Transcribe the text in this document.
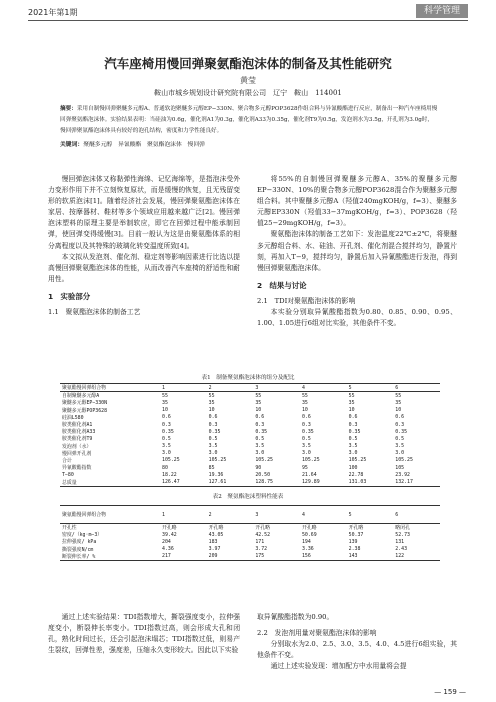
2021年第1期	科学管理
汽车座椅用慢回弹聚氨酯泡沫体的制备及其性能研究
黄莹
鞍山市城乡规划设计研究院有限公司　辽宁　鞍山　114001
摘要：采用自制慢回弹聚醚多元醇A、普通软泡聚醚多元醇EP−330N、聚合物多元醇POP3628作组合料与异氰酸酯进行反应，制备出一种汽车座椅用慢回弹聚氨酯泡沫体。实验结果表明：当硅油为0.6g，催化剂A1为0.3g，催化剂A33为0.35g，催化剂T9为0.5g，发泡剂水为3.5g，开孔剂为3.0g时，慢回弹聚氨酯泡沫体具有较好的泡孔结构，密度和力学性能良好。
关键词：聚醚多元醇　异氰酸酯　聚氨酯泡沫体　慢回弹

慢回弹泡沫体又称黏弹性海绵、记忆海绵等，是指泡沫受外力变形作用下并不立刻恢复原状，而是缓慢的恢复，且无残留变形的软质泡沫[1]。随着经济社会发展，慢回弹聚氨酯泡沫体在家居、按摩器材、鞋材等多个领域应用越来越广泛[2]。慢回弹泡沫塑料的原理主要是举制软应，即它在回弹过程中能承制回弹，使回弹变得缓慢[3]。目前一般认为这是由聚氨酯体系的相分离程度以及其特殊的玻璃化转变温度所致[4]。

本文拟从发泡剂、催化剂、稳定剂等影响因素进行比选以提高慢回弹聚氨酯泡沫体的性能，从而改善汽车座椅的舒适性和耐用性。

1　实验部分
1.1　聚氨酯泡沫体的制备工艺

将55%的自制慢回弹聚醚多元醇A、35%的聚醚多元醇EP−330N、10%的聚合物多元醇POP3628混合作为聚醚多元醇组合料。其中聚醚多元醇A（羟值240mgKOH/g，f=3）、聚醚多元醇EP330N（羟值33−37mgKOH/g，f=3）、POP3628（羟值25−29mgKOH/g，f=3）。

聚氨酯泡沫体的制备工艺如下：发泡温度22℃±2℃，将聚醚多元醇组合料、水、硅油、开孔剂、催化剂混合搅拌均匀，静置片刻，再加入T−9，搅拌均匀，静置后加入异氰酸酯进行发泡，得到慢回弹聚氨酯泡沫体。

2　结果与讨论
2.1　TDI对聚氨酯泡沫体的影响

本实验分别取异氰酸酯指数为0.80、0.85、0.90、0.95、1.00、1.05进行6组对比实验，其他条件不变。

表1　制备聚氨酯泡沫体的组分及配比
聚氨酯慢回弹组合物	1	2	3	4	5	6
自制聚醚多元醇A	55	55	55	55	55	55
聚醚多元醇EP−330N	35	35	35	35	35	35
聚醚多元醇POP3628	10	10	10	10	10	10
硅油L580	0.6	0.6	0.6	0.6	0.6	0.6
胺类催化剂A1	0.3	0.3	0.3	0.3	0.3	0.3
胺类催化剂A33	0.35	0.35	0.35	0.35	0.35	0.35
胺类催化剂T9	0.5	0.5	0.5	0.5	0.5	0.5
发泡剂（水）	3.5	3.5	3.5	3.5	3.5	3.5
慢回弹开孔剂	3.0	3.0	3.0	3.0	3.0	3.0
合计	105.25	105.25	105.25	105.25	105.25	105.25
异氰酸酯指数	80	85	90	95	100	105
T−80	18.22	19.36	20.50	21.64	22.78	23.92
总质量	126.47	127.61	128.75	129.89	131.03	132.17
表2　聚氨酯泡沫塑料性能表
聚氨酯慢回弹组合物	1	2	3	4	5	6
开孔性	开孔略	开孔略	开孔略	开孔略	开孔略	略闭孔
密度/（kg·m−3）	39.42	43.05	42.52	50.69	50.37	52.73
拉伸强度/ kPa	204	183	171	194	139	131
撕裂强度N/cm	4.36	3.97	3.72	3.36	2.38	2.43
断裂伸长率/ %	217	209	175	156	143	122

通过上述实验结果：TDI指数增大，撕裂强度变小，拉伸强度变小，断裂伸长率变小。TDI指数过高，则会形成大孔和闭孔，熟化时间过长，还会引起泡沫塌芯；TDI指数过低，则易产生裂纹，回弹性差，强度差，压缩永久变形较大。因此以下实验

取异氰酸酯指数为0.90。

2.2　发泡剂用量对聚氨酯泡沫体的影响

分别取水为2.0、2.5、3.0、3.5、4.0、4.5进行6组实验，其他条件不变。

通过上述实验发现：增加配方中水用量将会提

— 159 —
